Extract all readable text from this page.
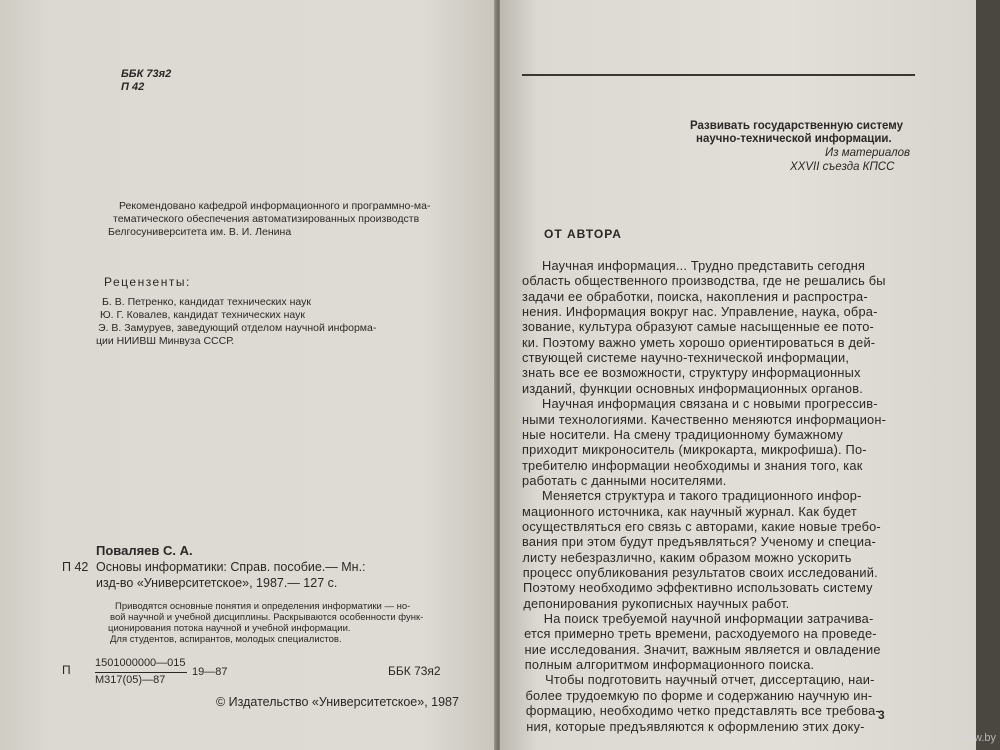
ББК 73я2
П 42
Рекомендовано кафедрой информационного и программно-ма-
тематического обеспечения автоматизированных производств
Белгосуниверситета им. В. И. Ленина
Рецензенты:
Б. В. Петренко, кандидат технических наук
Ю. Г. Ковалев, кандидат технических наук
Э. В. Замуруев, заведующий отделом научной информа-
ции НИИВШ Минвуза СССР.
Поваляев С. А.
П 42 Основы информатики: Справ. пособие.— Мн.:
изд-во «Университетское», 1987.— 127 с.
Приводятся основные понятия и определения информатики — но-
вой научной и учебной дисциплины. Раскрываются особенности функ-
ционирования потока научной и учебной информации.
Для студентов, аспирантов, молодых специалистов.
П 1501000000—015
М317(05)—87
19—87	ББК 73я2
© Издательство «Университетское», 1987
Развивать государственную систему
научно-технической информации.
Из материалов
XXVII съезда КПСС
ОТ АВТОРА
Научная информация... Трудно представить сегодня
область общественного производства, где не решались бы
задачи ее обработки, поиска, накопления и распростра-
нения. Информация вокруг нас. Управление, наука, обра-
зование, культура образуют самые насыщенные ее пото-
ки. Поэтому важно уметь хорошо ориентироваться в дей-
ствующей системе научно-технической информации,
знать все ее возможности, структуру информационных
изданий, функции основных информационных органов.
Научная информация связана и с новыми прогрессив-
ными технологиями. Качественно меняются информацион-
ные носители. На смену традиционному бумажному
приходит микроноситель (микрокарта, микрофиша). По-
требителю информации необходимы и знания того, как
работать с данными носителями.
Меняется структура и такого традиционного инфор-
мационного источника, как научный журнал. Как будет
осуществляться его связь с авторами, какие новые требо-
вания при этом будут предъявляться? Ученому и специа-
листу небезразлично, каким образом можно ускорить
процесс опубликования результатов своих исследований.
Поэтому необходимо эффективно использовать систему
депонирования рукописных научных работ.
На поиск требуемой научной информации затрачива-
ется примерно треть времени, расходуемого на проведе-
ние исследования. Значит, важным является и овладение
полным алгоритмом информационного поиска.
Чтобы подготовить научный отчет, диссертацию, наи-
более трудоемкую по форме и содержанию научную ин-
формацию, необходимо четко представлять все требова-
ния, которые предъявляются к оформлению этих доку-
3
www.by
